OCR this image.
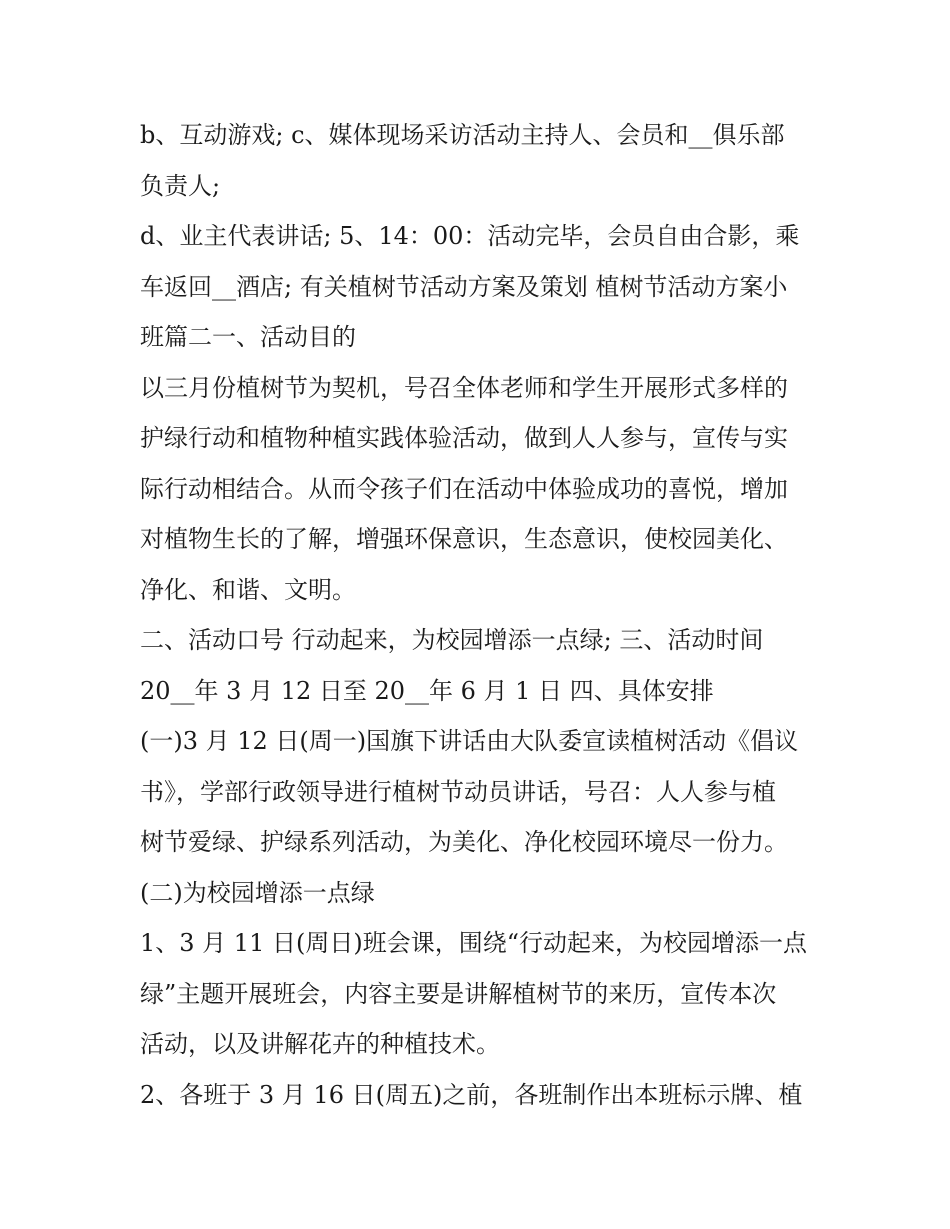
b、互动游戏; c、媒体现场采访活动主持人、会员和__俱乐部
负责人;
d、业主代表讲话; 5、14：00：活动完毕，会员自由合影，乘
车返回__酒店; 有关植树节活动方案及策划 植树节活动方案小
班篇二一、活动目的
以三月份植树节为契机，号召全体老师和学生开展形式多样的
护绿行动和植物种植实践体验活动，做到人人参与，宣传与实
际行动相结合。从而令孩子们在活动中体验成功的喜悦，增加
对植物生长的了解，增强环保意识，生态意识，使校园美化、
净化、和谐、文明。
二、活动口号 行动起来，为校园增添一点绿; 三、活动时间
20__年 3 月 12 日至 20__年 6 月 1 日 四、具体安排
(一)3 月 12 日(周一)国旗下讲话由大队委宣读植树活动《倡议
书》，学部行政领导进行植树节动员讲话，号召：人人参与植
树节爱绿、护绿系列活动，为美化、净化校园环境尽一份力。
(二)为校园增添一点绿
1、3 月 11 日(周日)班会课，围绕“行动起来，为校园增添一点
绿”主题开展班会，内容主要是讲解植树节的来历，宣传本次
活动，以及讲解花卉的种植技术。
2、各班于 3 月 16 日(周五)之前，各班制作出本班标示牌、植
